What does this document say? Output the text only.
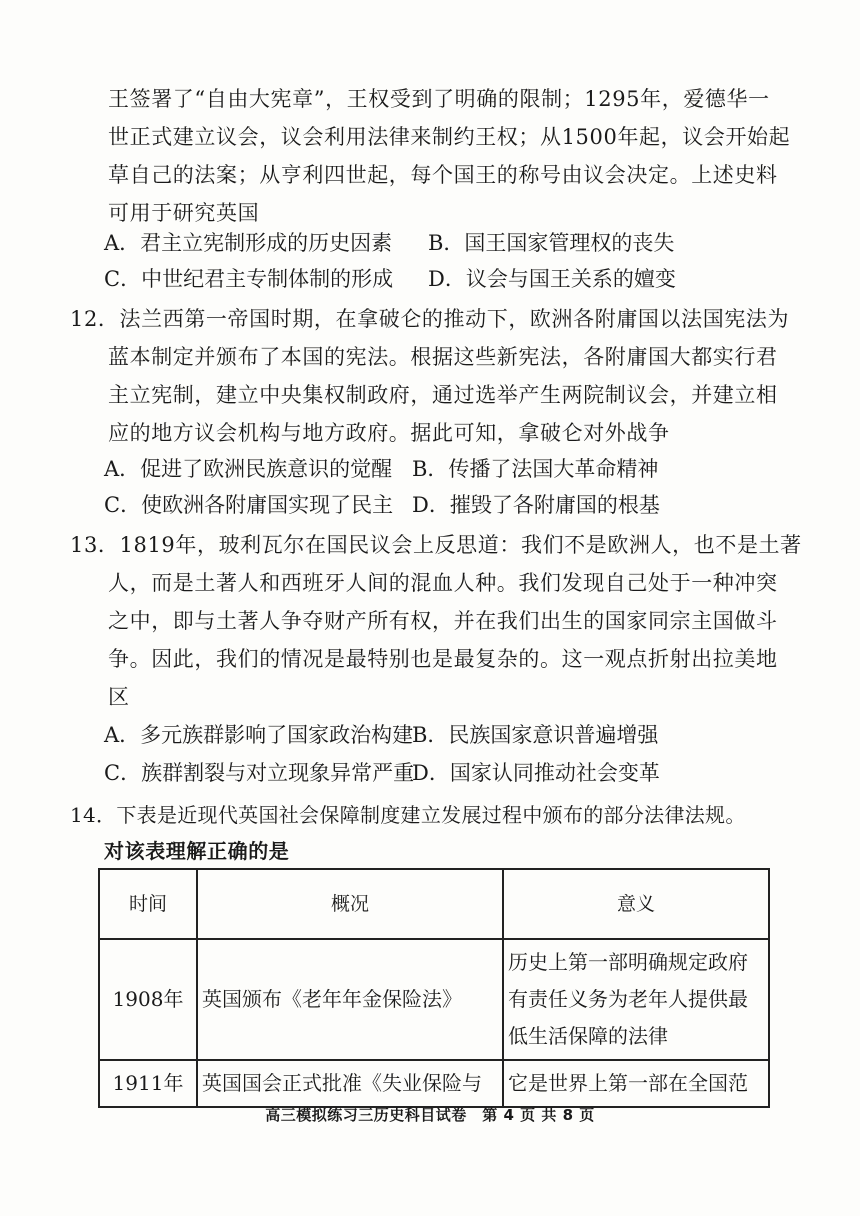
王签署了“自由大宪章”，王权受到了明确的限制；1295年，爱德华一
世正式建立议会，议会利用法律来制约王权；从1500年起，议会开始起
草自己的法案；从亨利四世起，每个国王的称号由议会决定。上述史料
可用于研究英国
A．君主立宪制形成的历史因素 B．国王国家管理权的丧失
C．中世纪君主专制体制的形成 D．议会与国王关系的嬗变
12．法兰西第一帝国时期，在拿破仑的推动下，欧洲各附庸国以法国宪法为
蓝本制定并颁布了本国的宪法。根据这些新宪法，各附庸国大都实行君
主立宪制，建立中央集权制政府，通过选举产生两院制议会，并建立相
应的地方议会机构与地方政府。据此可知，拿破仑对外战争
A．促进了欧洲民族意识的觉醒 B．传播了法国大革命精神
C．使欧洲各附庸国实现了民主 D．摧毁了各附庸国的根基
13．1819年，玻利瓦尔在国民议会上反思道：我们不是欧洲人，也不是土著
人，而是土著人和西班牙人间的混血人种。我们发现自己处于一种冲突
之中，即与土著人争夺财产所有权，并在我们出生的国家同宗主国做斗
争。因此，我们的情况是最特别也是最复杂的。这一观点折射出拉美地
区
A．多元族群影响了国家政治构建
B．民族国家意识普遍增强
C．族群割裂与对立现象异常严重
D．国家认同推动社会变革
14．下表是近现代英国社会保障制度建立发展过程中颁布的部分法律法规。
对该表理解正确的是
时间	概况	意义
1908年	英国颁布《老年年金保险法》	历史上第一部明确规定政府有责任义务为老年人提供最低生活保障的法律
1911年	英国国会正式批准《失业保险与	它是世界上第一部在全国范
高三模拟练习三历史科目试卷　第 4 页 共 8 页
